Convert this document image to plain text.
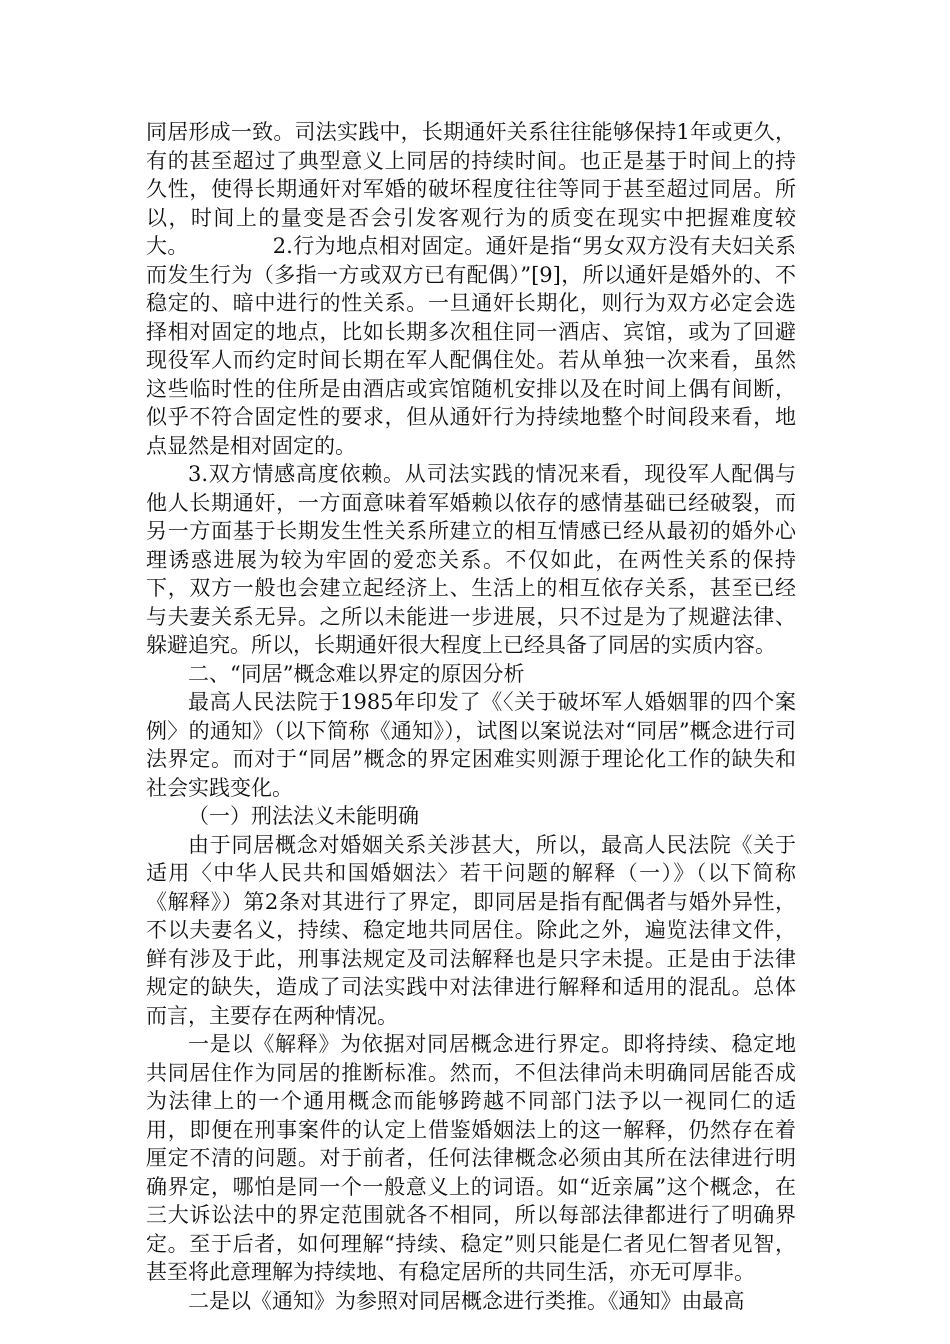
同居形成一致。司法实践中，长期通奸关系往往能够保持1年或更久，有的甚至超过了典型意义上同居的持续时间。也正是基于时间上的持久性，使得长期通奸对军婚的破坏程度往往等同于甚至超过同居。所以，时间上的量变是否会引发客观行为的质变在现实中把握难度较大。	2.行为地点相对固定。通奸是指“男女双方没有夫妇关系而发生行为（多指一方或双方已有配偶）”[9]，所以通奸是婚外的、不稳定的、暗中进行的性关系。一旦通奸长期化，则行为双方必定会选择相对固定的地点，比如长期多次租住同一酒店、宾馆，或为了回避现役军人而约定时间长期在军人配偶住处。若从单独一次来看，虽然这些临时性的住所是由酒店或宾馆随机安排以及在时间上偶有间断，似乎不符合固定性的要求，但从通奸行为持续地整个时间段来看，地点显然是相对固定的。

3.双方情感高度依赖。从司法实践的情况来看，现役军人配偶与他人长期通奸，一方面意味着军婚赖以依存的感情基础已经破裂，而另一方面基于长期发生性关系所建立的相互情感已经从最初的婚外心理诱惑进展为较为牢固的爱恋关系。不仅如此，在两性关系的保持下，双方一般也会建立起经济上、生活上的相互依存关系，甚至已经与夫妻关系无异。之所以未能进一步进展，只不过是为了规避法律、躲避追究。所以，长期通奸很大程度上已经具备了同居的实质内容。

二、“同居”概念难以界定的原因分析

最高人民法院于1985年印发了《〈关于破坏军人婚姻罪的四个案例〉的通知》（以下简称《通知》），试图以案说法对“同居”概念进行司法界定。而对于“同居”概念的界定困难实则源于理论化工作的缺失和社会实践变化。

（一）刑法法义未能明确

由于同居概念对婚姻关系关涉甚大，所以，最高人民法院《关于适用〈中华人民共和国婚姻法〉若干问题的解释（一）》（以下简称《解释》）第2条对其进行了界定，即同居是指有配偶者与婚外异性，不以夫妻名义，持续、稳定地共同居住。除此之外，遍览法律文件，鲜有涉及于此，刑事法规定及司法解释也是只字未提。正是由于法律规定的缺失，造成了司法实践中对法律进行解释和适用的混乱。总体而言，主要存在两种情况。

一是以《解释》为依据对同居概念进行界定。即将持续、稳定地共同居住作为同居的推断标准。然而，不但法律尚未明确同居能否成为法律上的一个通用概念而能够跨越不同部门法予以一视同仁的适用，即便在刑事案件的认定上借鉴婚姻法上的这一解释，仍然存在着厘定不清的问题。对于前者，任何法律概念必须由其所在法律进行明确界定，哪怕是同一个一般意义上的词语。如“近亲属”这个概念，在三大诉讼法中的界定范围就各不相同，所以每部法律都进行了明确界定。至于后者，如何理解“持续、稳定”则只能是仁者见仁智者见智，甚至将此意理解为持续地、有稳定居所的共同生活，亦无可厚非。

二是以《通知》为参照对同居概念进行类推。《通知》由最高
